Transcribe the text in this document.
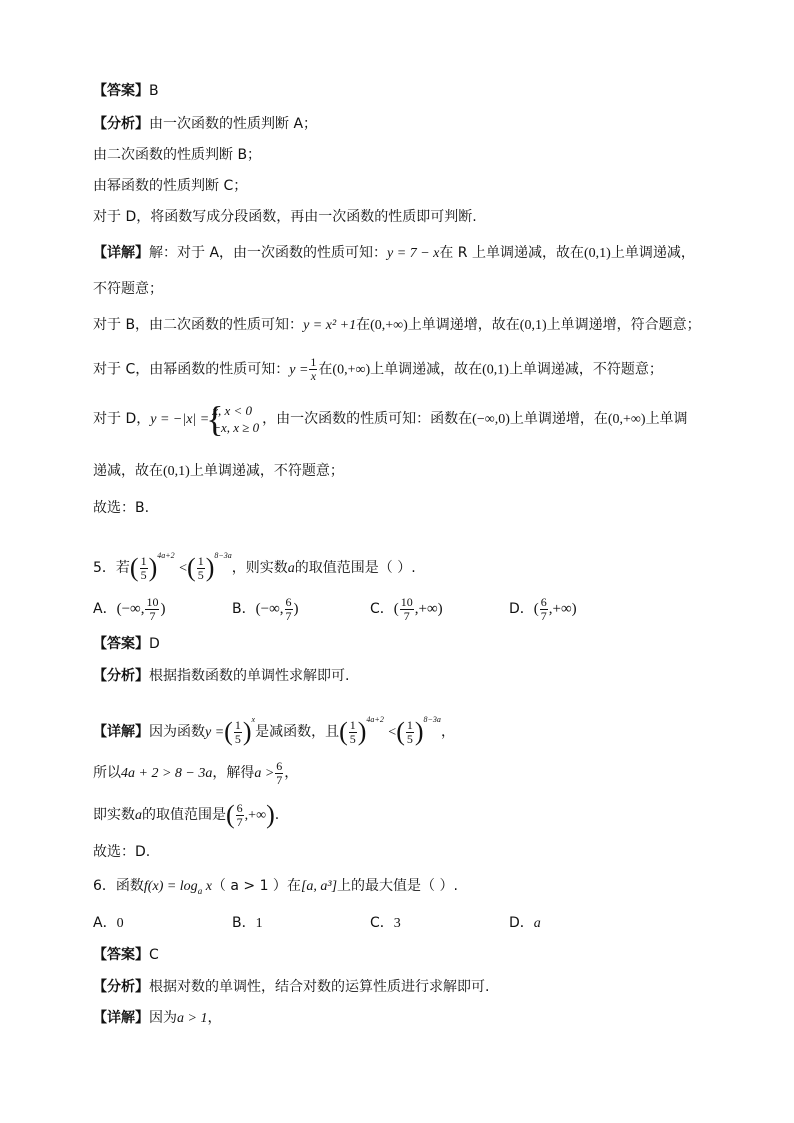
【答案】B
【分析】由一次函数的性质判断 A；
由二次函数的性质判断 B；
由幂函数的性质判断 C；
对于 D，将函数写成分段函数，再由一次函数的性质即可判断.
【详解】解：对于 A，由一次函数的性质可知：y = 7 − x在 R 上单调递减，故在(0,1)上单调递减，
不符题意；
对于 B，由二次函数的性质可知：y = x² +1在(0,+∞)上单调递增，故在(0,1)上单调递增，符合题意；
对于 C，由幂函数的性质可知：$y = \frac{1}{x}$ 在(0,+∞)上单调递减，故在(0,1)上单调递减，不符题意；
对于 D，y = −|x| =
{
x, x < 0
−x, x ≥ 0
，由一次函数的性质可知：函数在(−∞,0)上单调递增，在(0,+∞)上单调
递减，故在(0,1)上单调递减，不符题意；
故选：B.
5．若( $\frac{1}{5} )^{4a+2}$ <( $\frac{1}{5} )^{8-3a}$，则实数a的取值范围是（ ）.
A．(−∞, $\frac{10}{7}$ )	B．(−∞, $\frac{6}{7}$ )	C．( $\frac{10}{7}$ ,+∞)	D．( $\frac{6}{7}$ ,+∞)
【答案】D
【分析】根据指数函数的单调性求解即可.
【详解】因为函数y =( $\frac{1}{5} )^x$是减函数，且( $\frac{1}{5} )^{4a+2}$ <( $\frac{1}{5} )^{8-3a}$，
所以4a + 2 > 8 − 3a，解得$a > \frac{6}{7}$ ，
即实数a的取值范围是( $\frac{6}{7}$ ,+∞).
故选：D.
6．函数$f(x) = \log_a x$（ a > 1 ）在[a, a³]上的最大值是（ ）.
A．0	B．1	C．3	D．a
【答案】C
【分析】根据对数的单调性，结合对数的运算性质进行求解即可.
【详解】因为a > 1，
